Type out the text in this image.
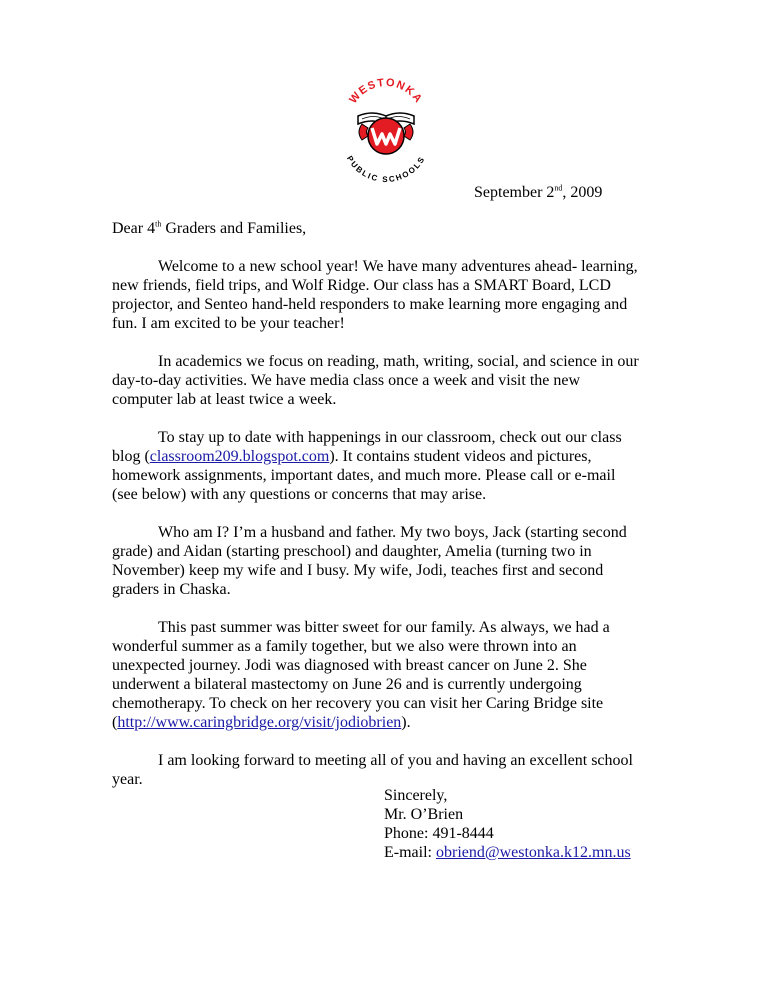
WESTONKA
PUBLIC SCHOOLS
September 2nd, 2009

Dear 4th Graders and Families,

Welcome to a new school year! We have many adventures ahead- learning,
new friends, field trips, and Wolf Ridge. Our class has a SMART Board, LCD
projector, and Senteo hand-held responders to make learning more engaging and
fun. I am excited to be your teacher!
In academics we focus on reading, math, writing, social, and science in our
day-to-day activities. We have media class once a week and visit the new
computer lab at least twice a week.
To stay up to date with happenings in our classroom, check out our class
blog (classroom209.blogspot.com). It contains student videos and pictures,
homework assignments, important dates, and much more. Please call or e-mail
(see below) with any questions or concerns that may arise.
Who am I? I’m a husband and father. My two boys, Jack (starting second
grade) and Aidan (starting preschool) and daughter, Amelia (turning two in
November) keep my wife and I busy. My wife, Jodi, teaches first and second
graders in Chaska.
This past summer was bitter sweet for our family. As always, we had a
wonderful summer as a family together, but we also were thrown into an
unexpected journey. Jodi was diagnosed with breast cancer on June 2. She
underwent a bilateral mastectomy on June 26 and is currently undergoing
chemotherapy. To check on her recovery you can visit her Caring Bridge site
(http://www.caringbridge.org/visit/jodiobrien).
I am looking forward to meeting all of you and having an excellent school
year.
Sincerely,
Mr. O’Brien
Phone: 491-8444
E-mail: obriend@westonka.k12.mn.us
